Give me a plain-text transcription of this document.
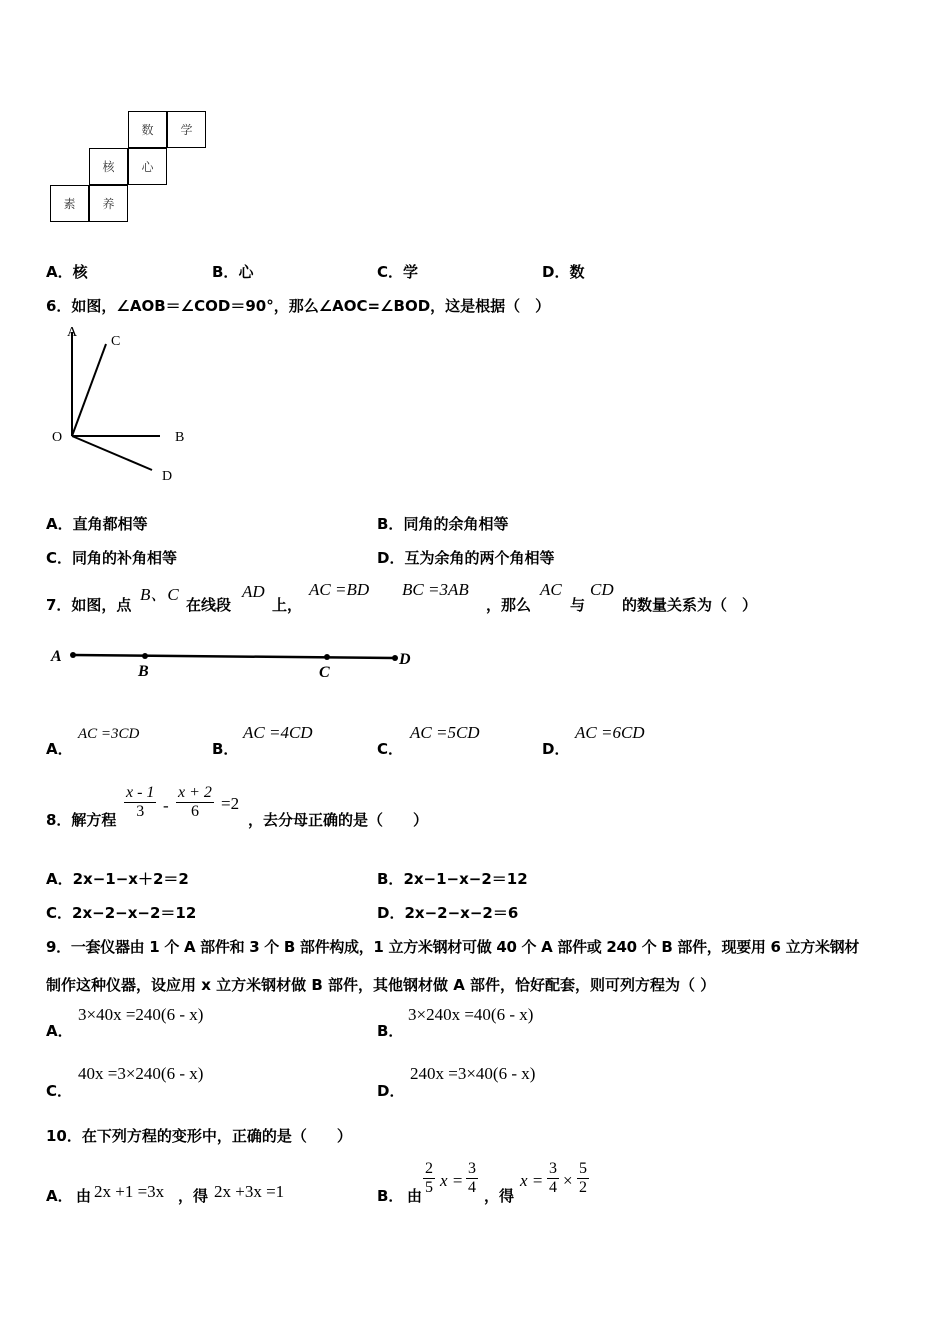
数	学
核	心
素	养
A．核	B．心	C．学	D．数
6．如图，∠AOB＝∠COD＝90°，那么∠AOC=∠BOD，这是根据（　）
A
C
O	B
D
A．直角都相等	B．同角的余角相等
C．同角的补角相等	D．互为余角的两个角相等
7．如图，点
B、C
在线段
AD
上，
AC =BD BC =3AB
，那么
AC
与
CD
的数量关系为（　）
A
B	C
D
A．
AC =3CD
B．
AC =4CD
C．
AC =5CD
D．
AC =6CD
8．解方程 $\frac{x - 1}{3} - \frac{x + 2}{6} =2$
，去分母正确的是（　　）
A．2x−1−x＋2＝2	B．2x−1−x−2＝12
C．2x−2−x−2＝12	D．2x−2−x−2＝6
9．一套仪器由 1 个 A 部件和 3 个 B 部件构成，1 立方米钢材可做 40 个 A 部件或 240 个 B 部件，现要用 6 立方米钢材
制作这种仪器，设应用 x 立方米钢材做 B 部件，其他钢材做 A 部件，恰好配套，则可列方程为（ ）
A．
3×40x =240(6 - x)
B．
3×240x =40(6 - x)
C．
40x =3×240(6 - x)
D．
240x =3×40(6 - x)
10．在下列方程的变形中，正确的是（　　）
A． 由 2x +1 =3x ，得 2x +3x =1	B． 由 $\frac{2}{5}$ $x = \frac{3}{4}$ ，得
$x = \frac{3}{4} \times \frac{5}{2}$
